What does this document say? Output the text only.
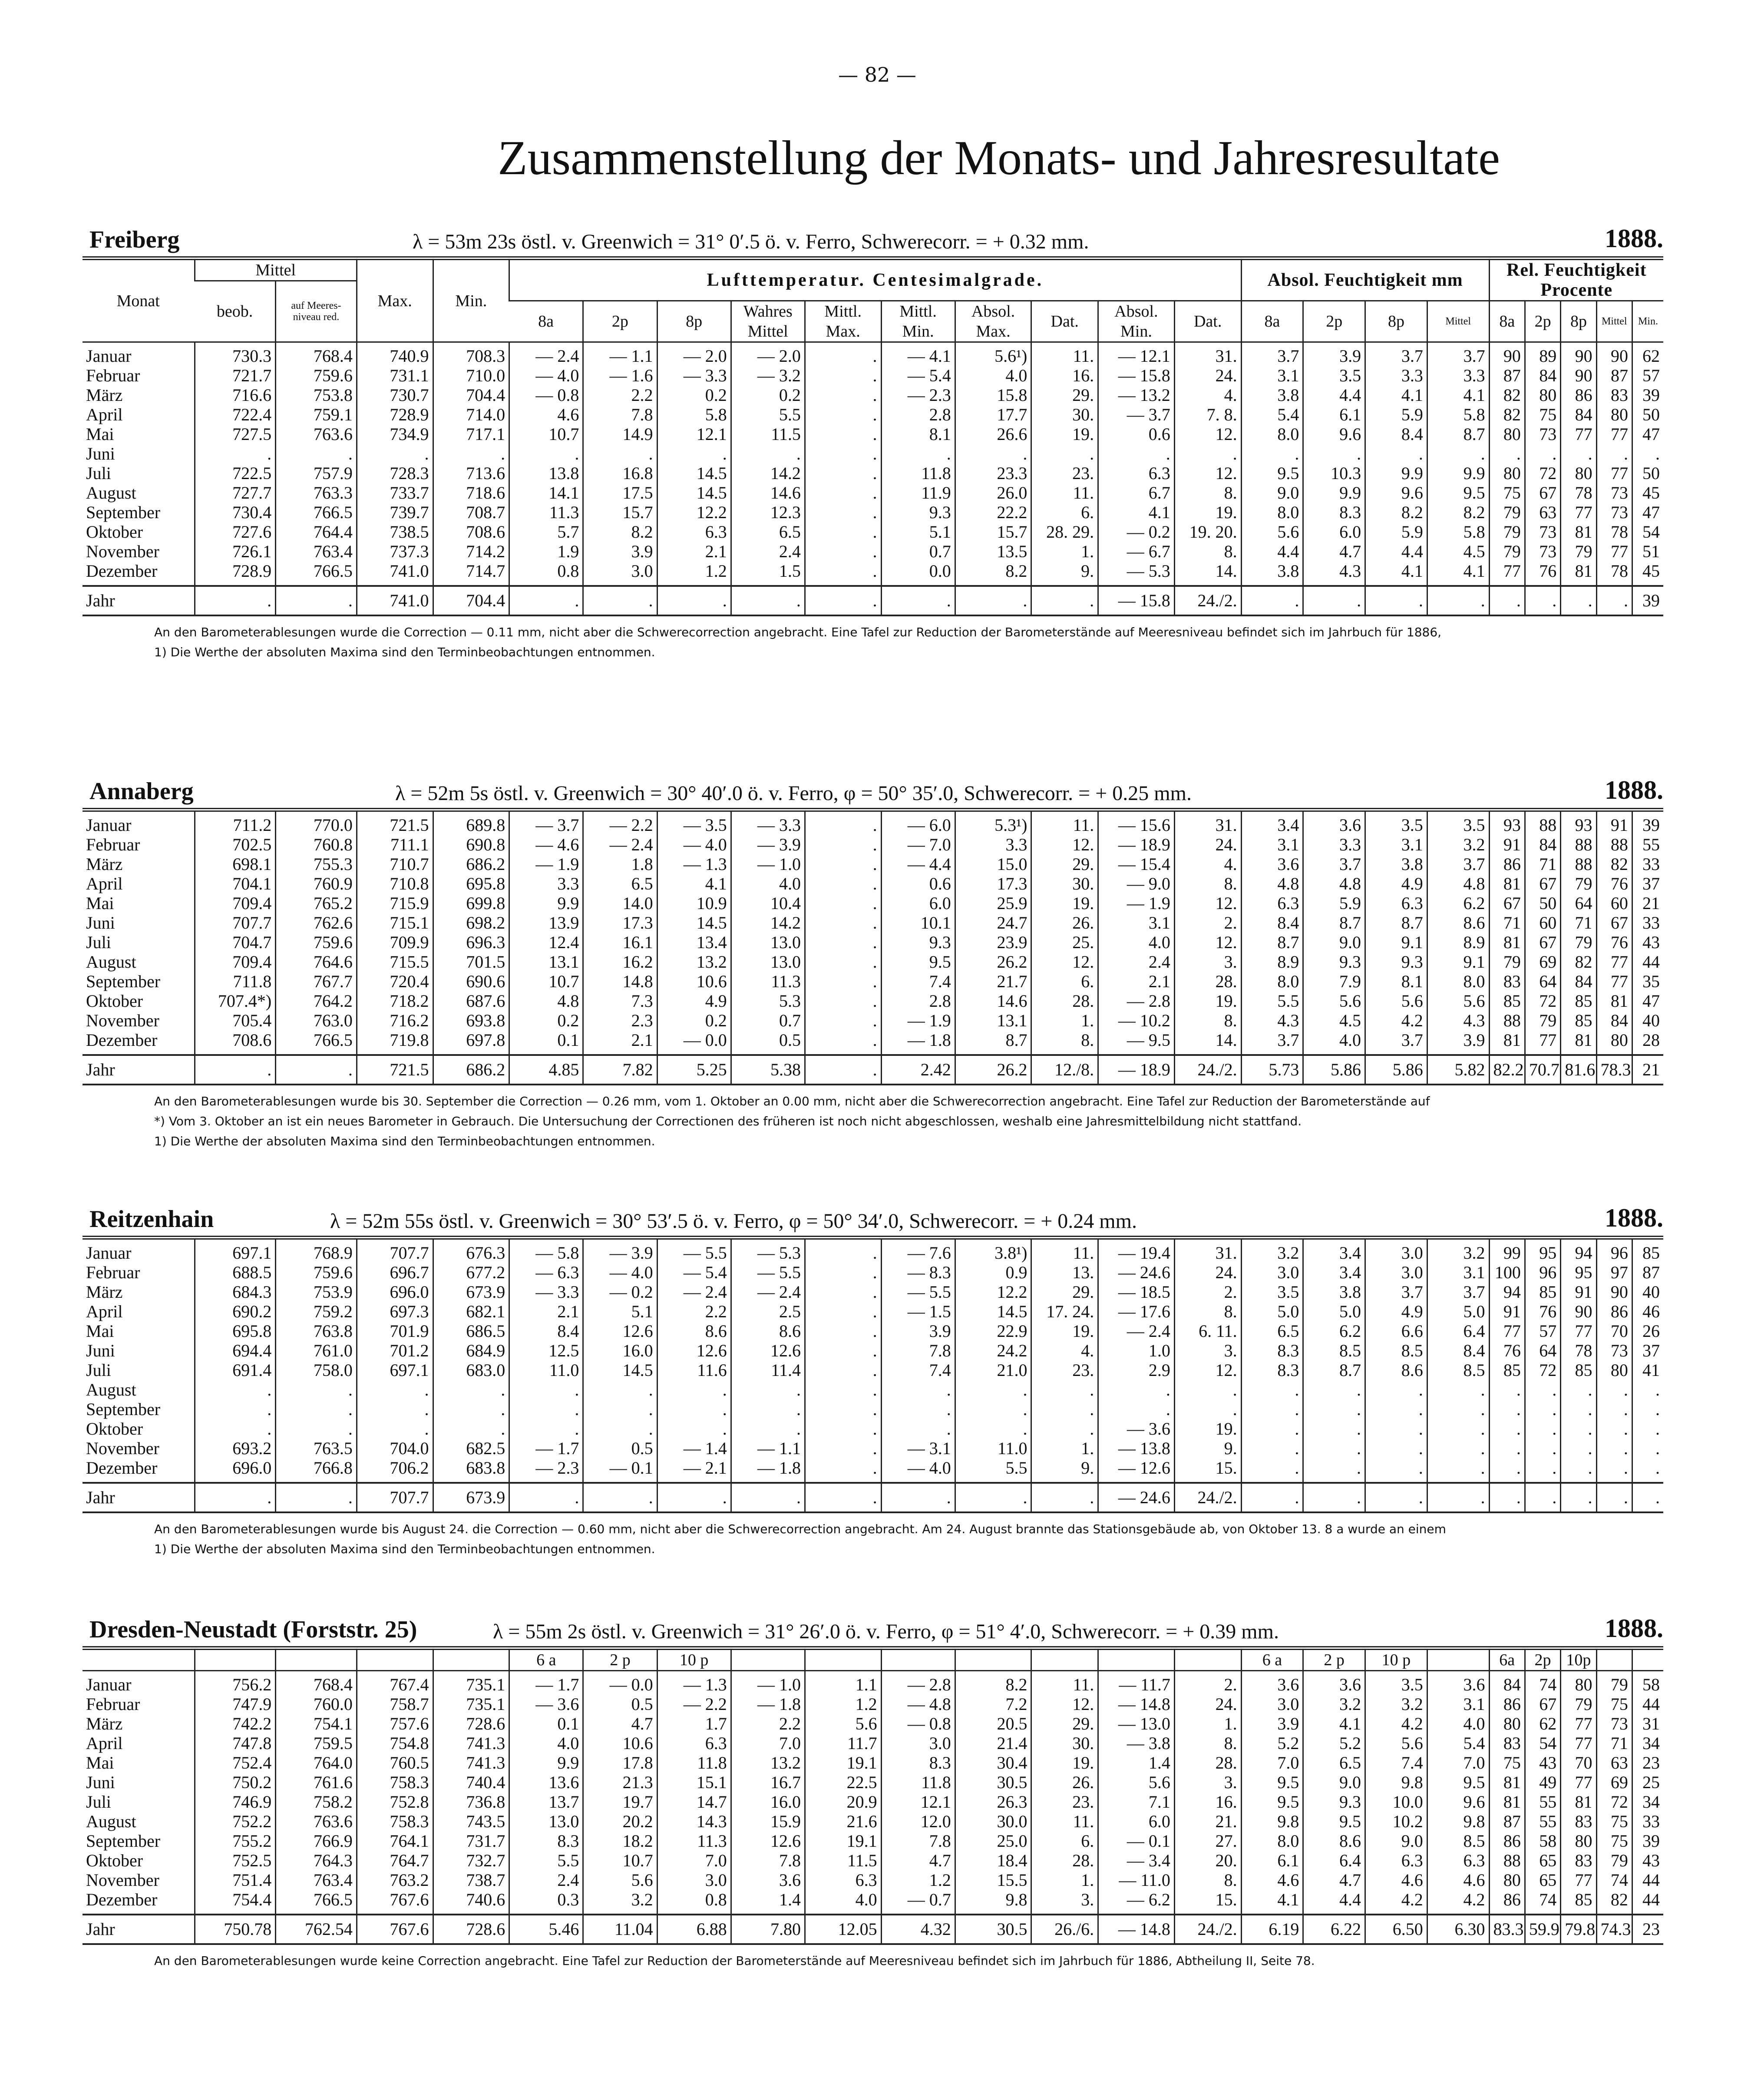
— 82 —
Zusammenstellung der Monats- und Jahresresultate
Freiberg	λ = 53m 23s östl. v. Greenwich = 31° 0′.5 ö. v. Ferro, Schwerecorr. = + 0.32 mm.	1888.
Monat	Mittel		Max.	Min.	Lufttemperatur. Centesimalgrade.										Absol. Feuchtigkeit mm				Rel. Feuchtigkeit Procente				
	beob.	auf Meeres-niveau red.																					
					8a	2p	8p	Wahres Mittel	Mittl. Max.	Mittl. Min.	Absol. Max.	Dat.	Absol. Min.	Dat.	8a	2p	8p	Mittel	8a	2p	8p	Mittel	Min.
Januar	730.3	768.4	740.9	708.3	— 2.4	— 1.1	— 2.0	— 2.0	.	— 4.1	5.6¹)	11.	— 12.1	31.	3.7	3.9	3.7	3.7	90	89	90	90	62
Februar	721.7	759.6	731.1	710.0	— 4.0	— 1.6	— 3.3	— 3.2	.	— 5.4	4.0	16.	— 15.8	24.	3.1	3.5	3.3	3.3	87	84	90	87	57
März	716.6	753.8	730.7	704.4	— 0.8	2.2	0.2	0.2	.	— 2.3	15.8	29.	— 13.2	4.	3.8	4.4	4.1	4.1	82	80	86	83	39
April	722.4	759.1	728.9	714.0	4.6	7.8	5.8	5.5	.	2.8	17.7	30.	— 3.7	7. 8.	5.4	6.1	5.9	5.8	82	75	84	80	50
Mai	727.5	763.6	734.9	717.1	10.7	14.9	12.1	11.5	.	8.1	26.6	19.	0.6	12.	8.0	9.6	8.4	8.7	80	73	77	77	47
Juni	.	.	.	.	.	.	.	.	.	.	.	.	.	.	.	.	.	.	.	.	.	.	.
Juli	722.5	757.9	728.3	713.6	13.8	16.8	14.5	14.2	.	11.8	23.3	23.	6.3	12.	9.5	10.3	9.9	9.9	80	72	80	77	50
August	727.7	763.3	733.7	718.6	14.1	17.5	14.5	14.6	.	11.9	26.0	11.	6.7	8.	9.0	9.9	9.6	9.5	75	67	78	73	45
September	730.4	766.5	739.7	708.7	11.3	15.7	12.2	12.3	.	9.3	22.2	6.	4.1	19.	8.0	8.3	8.2	8.2	79	63	77	73	47
Oktober	727.6	764.4	738.5	708.6	5.7	8.2	6.3	6.5	.	5.1	15.7	28. 29.	— 0.2	19. 20.	5.6	6.0	5.9	5.8	79	73	81	78	54
November	726.1	763.4	737.3	714.2	1.9	3.9	2.1	2.4	.	0.7	13.5	1.	— 6.7	8.	4.4	4.7	4.4	4.5	79	73	79	77	51
Dezember	728.9	766.5	741.0	714.7	0.8	3.0	1.2	1.5	.	0.0	8.2	9.	— 5.3	14.	3.8	4.3	4.1	4.1	77	76	81	78	45
Jahr	.	.	741.0	704.4	.	.	.	.	.	.	.	.	— 15.8	24./2.	.	.	.	.	.	.	.	.	39
An den Barometerablesungen wurde die Correction — 0.11 mm, nicht aber die Schwerecorrection angebracht. Eine Tafel zur Reduction der Barometerstände auf Meeresniveau befindet sich im Jahrbuch für 1886,
1) Die Werthe der absoluten Maxima sind den Terminbeobachtungen entnommen.
Annaberg	λ = 52m 5s östl. v. Greenwich = 30° 40′.0 ö. v. Ferro, φ = 50° 35′.0, Schwerecorr. = + 0.25 mm.	1888.
Januar	711.2	770.0	721.5	689.8	— 3.7	— 2.2	— 3.5	— 3.3	.	— 6.0	5.3¹)	11.	— 15.6	31.	3.4	3.6	3.5	3.5	93	88	93	91	39
Februar	702.5	760.8	711.1	690.8	— 4.6	— 2.4	— 4.0	— 3.9	.	— 7.0	3.3	12.	— 18.9	24.	3.1	3.3	3.1	3.2	91	84	88	88	55
März	698.1	755.3	710.7	686.2	— 1.9	1.8	— 1.3	— 1.0	.	— 4.4	15.0	29.	— 15.4	4.	3.6	3.7	3.8	3.7	86	71	88	82	33
April	704.1	760.9	710.8	695.8	3.3	6.5	4.1	4.0	.	0.6	17.3	30.	— 9.0	8.	4.8	4.8	4.9	4.8	81	67	79	76	37
Mai	709.4	765.2	715.9	699.8	9.9	14.0	10.9	10.4	.	6.0	25.9	19.	— 1.9	12.	6.3	5.9	6.3	6.2	67	50	64	60	21
Juni	707.7	762.6	715.1	698.2	13.9	17.3	14.5	14.2	.	10.1	24.7	26.	3.1	2.	8.4	8.7	8.7	8.6	71	60	71	67	33
Juli	704.7	759.6	709.9	696.3	12.4	16.1	13.4	13.0	.	9.3	23.9	25.	4.0	12.	8.7	9.0	9.1	8.9	81	67	79	76	43
August	709.4	764.6	715.5	701.5	13.1	16.2	13.2	13.0	.	9.5	26.2	12.	2.4	3.	8.9	9.3	9.3	9.1	79	69	82	77	44
September	711.8	767.7	720.4	690.6	10.7	14.8	10.6	11.3	.	7.4	21.7	6.	2.1	28.	8.0	7.9	8.1	8.0	83	64	84	77	35
Oktober	707.4*)	764.2	718.2	687.6	4.8	7.3	4.9	5.3	.	2.8	14.6	28.	— 2.8	19.	5.5	5.6	5.6	5.6	85	72	85	81	47
November	705.4	763.0	716.2	693.8	0.2	2.3	0.2	0.7	.	— 1.9	13.1	1.	— 10.2	8.	4.3	4.5	4.2	4.3	88	79	85	84	40
Dezember	708.6	766.5	719.8	697.8	0.1	2.1	— 0.0	0.5	.	— 1.8	8.7	8.	— 9.5	14.	3.7	4.0	3.7	3.9	81	77	81	80	28
Jahr	.	.	721.5	686.2	4.85	7.82	5.25	5.38	.	2.42	26.2	12./8.	— 18.9	24./2.	5.73	5.86	5.86	5.82	82.2	70.7	81.6	78.3	21
An den Barometerablesungen wurde bis 30. September die Correction — 0.26 mm, vom 1. Oktober an 0.00 mm, nicht aber die Schwerecorrection angebracht. Eine Tafel zur Reduction der Barometerstände auf
*) Vom 3. Oktober an ist ein neues Barometer in Gebrauch. Die Untersuchung der Correctionen des früheren ist noch nicht abgeschlossen, weshalb eine Jahresmittelbildung nicht stattfand.
1) Die Werthe der absoluten Maxima sind den Terminbeobachtungen entnommen.
Reitzenhain	λ = 52m 55s östl. v. Greenwich = 30° 53′.5 ö. v. Ferro, φ = 50° 34′.0, Schwerecorr. = + 0.24 mm.	1888.
Januar	697.1	768.9	707.7	676.3	— 5.8	— 3.9	— 5.5	— 5.3	.	— 7.6	3.8¹)	11.	— 19.4	31.	3.2	3.4	3.0	3.2	99	95	94	96	85
Februar	688.5	759.6	696.7	677.2	— 6.3	— 4.0	— 5.4	— 5.5	.	— 8.3	0.9	13.	— 24.6	24.	3.0	3.4	3.0	3.1	100	96	95	97	87
März	684.3	753.9	696.0	673.9	— 3.3	— 0.2	— 2.4	— 2.4	.	— 5.5	12.2	29.	— 18.5	2.	3.5	3.8	3.7	3.7	94	85	91	90	40
April	690.2	759.2	697.3	682.1	2.1	5.1	2.2	2.5	.	— 1.5	14.5	17. 24.	— 17.6	8.	5.0	5.0	4.9	5.0	91	76	90	86	46
Mai	695.8	763.8	701.9	686.5	8.4	12.6	8.6	8.6	.	3.9	22.9	19.	— 2.4	6. 11.	6.5	6.2	6.6	6.4	77	57	77	70	26
Juni	694.4	761.0	701.2	684.9	12.5	16.0	12.6	12.6	.	7.8	24.2	4.	1.0	3.	8.3	8.5	8.5	8.4	76	64	78	73	37
Juli	691.4	758.0	697.1	683.0	11.0	14.5	11.6	11.4	.	7.4	21.0	23.	2.9	12.	8.3	8.7	8.6	8.5	85	72	85	80	41
August	.	.	.	.	.	.	.	.	.	.	.	.	.	.	.	.	.	.	.	.	.	.	.
September	.	.	.	.	.	.	.	.	.	.	.	.	.	.	.	.	.	.	.	.	.	.	.
Oktober	.	.	.	.	.	.	.	.	.	.	.	.	— 3.6	19.	.	.	.	.	.	.	.	.	.
November	693.2	763.5	704.0	682.5	— 1.7	0.5	— 1.4	— 1.1	.	— 3.1	11.0	1.	— 13.8	9.	.	.	.	.	.	.	.	.	.
Dezember	696.0	766.8	706.2	683.8	— 2.3	— 0.1	— 2.1	— 1.8	.	— 4.0	5.5	9.	— 12.6	15.	.	.	.	.	.	.	.	.	.
Jahr	.	.	707.7	673.9	.	.	.	.	.	.	.	.	— 24.6	24./2.	.	.	.	.	.	.	.	.	.
An den Barometerablesungen wurde bis August 24. die Correction — 0.60 mm, nicht aber die Schwerecorrection angebracht. Am 24. August brannte das Stationsgebäude ab, von Oktober 13. 8 a wurde an einem
1) Die Werthe der absoluten Maxima sind den Terminbeobachtungen entnommen.
Dresden-Neustadt (Forststr. 25)	λ = 55m 2s östl. v. Greenwich = 31° 26′.0 ö. v. Ferro, φ = 51° 4′.0, Schwerecorr. = + 0.39 mm.	1888.
					6 a	2 p	10 p								6 a	2 p	10 p		6a	2p	10p		
Januar	756.2	768.4	767.4	735.1	— 1.7	— 0.0	— 1.3	— 1.0	1.1	— 2.8	8.2	11.	— 11.7	2.	3.6	3.6	3.5	3.6	84	74	80	79	58
Februar	747.9	760.0	758.7	735.1	— 3.6	0.5	— 2.2	— 1.8	1.2	— 4.8	7.2	12.	— 14.8	24.	3.0	3.2	3.2	3.1	86	67	79	75	44
März	742.2	754.1	757.6	728.6	0.1	4.7	1.7	2.2	5.6	— 0.8	20.5	29.	— 13.0	1.	3.9	4.1	4.2	4.0	80	62	77	73	31
April	747.8	759.5	754.8	741.3	4.0	10.6	6.3	7.0	11.7	3.0	21.4	30.	— 3.8	8.	5.2	5.2	5.6	5.4	83	54	77	71	34
Mai	752.4	764.0	760.5	741.3	9.9	17.8	11.8	13.2	19.1	8.3	30.4	19.	1.4	28.	7.0	6.5	7.4	7.0	75	43	70	63	23
Juni	750.2	761.6	758.3	740.4	13.6	21.3	15.1	16.7	22.5	11.8	30.5	26.	5.6	3.	9.5	9.0	9.8	9.5	81	49	77	69	25
Juli	746.9	758.2	752.8	736.8	13.7	19.7	14.7	16.0	20.9	12.1	26.3	23.	7.1	16.	9.5	9.3	10.0	9.6	81	55	81	72	34
August	752.2	763.6	758.3	743.5	13.0	20.2	14.3	15.9	21.6	12.0	30.0	11.	6.0	21.	9.8	9.5	10.2	9.8	87	55	83	75	33
September	755.2	766.9	764.1	731.7	8.3	18.2	11.3	12.6	19.1	7.8	25.0	6.	— 0.1	27.	8.0	8.6	9.0	8.5	86	58	80	75	39
Oktober	752.5	764.3	764.7	732.7	5.5	10.7	7.0	7.8	11.5	4.7	18.4	28.	— 3.4	20.	6.1	6.4	6.3	6.3	88	65	83	79	43
November	751.4	763.4	763.2	738.7	2.4	5.6	3.0	3.6	6.3	1.2	15.5	1.	— 11.0	8.	4.6	4.7	4.6	4.6	80	65	77	74	44
Dezember	754.4	766.5	767.6	740.6	0.3	3.2	0.8	1.4	4.0	— 0.7	9.8	3.	— 6.2	15.	4.1	4.4	4.2	4.2	86	74	85	82	44
Jahr	750.78	762.54	767.6	728.6	5.46	11.04	6.88	7.80	12.05	4.32	30.5	26./6.	— 14.8	24./2.	6.19	6.22	6.50	6.30	83.3	59.9	79.8	74.3	23
An den Barometerablesungen wurde keine Correction angebracht. Eine Tafel zur Reduction der Barometerstände auf Meeresniveau befindet sich im Jahrbuch für 1886, Abtheilung II, Seite 78.
